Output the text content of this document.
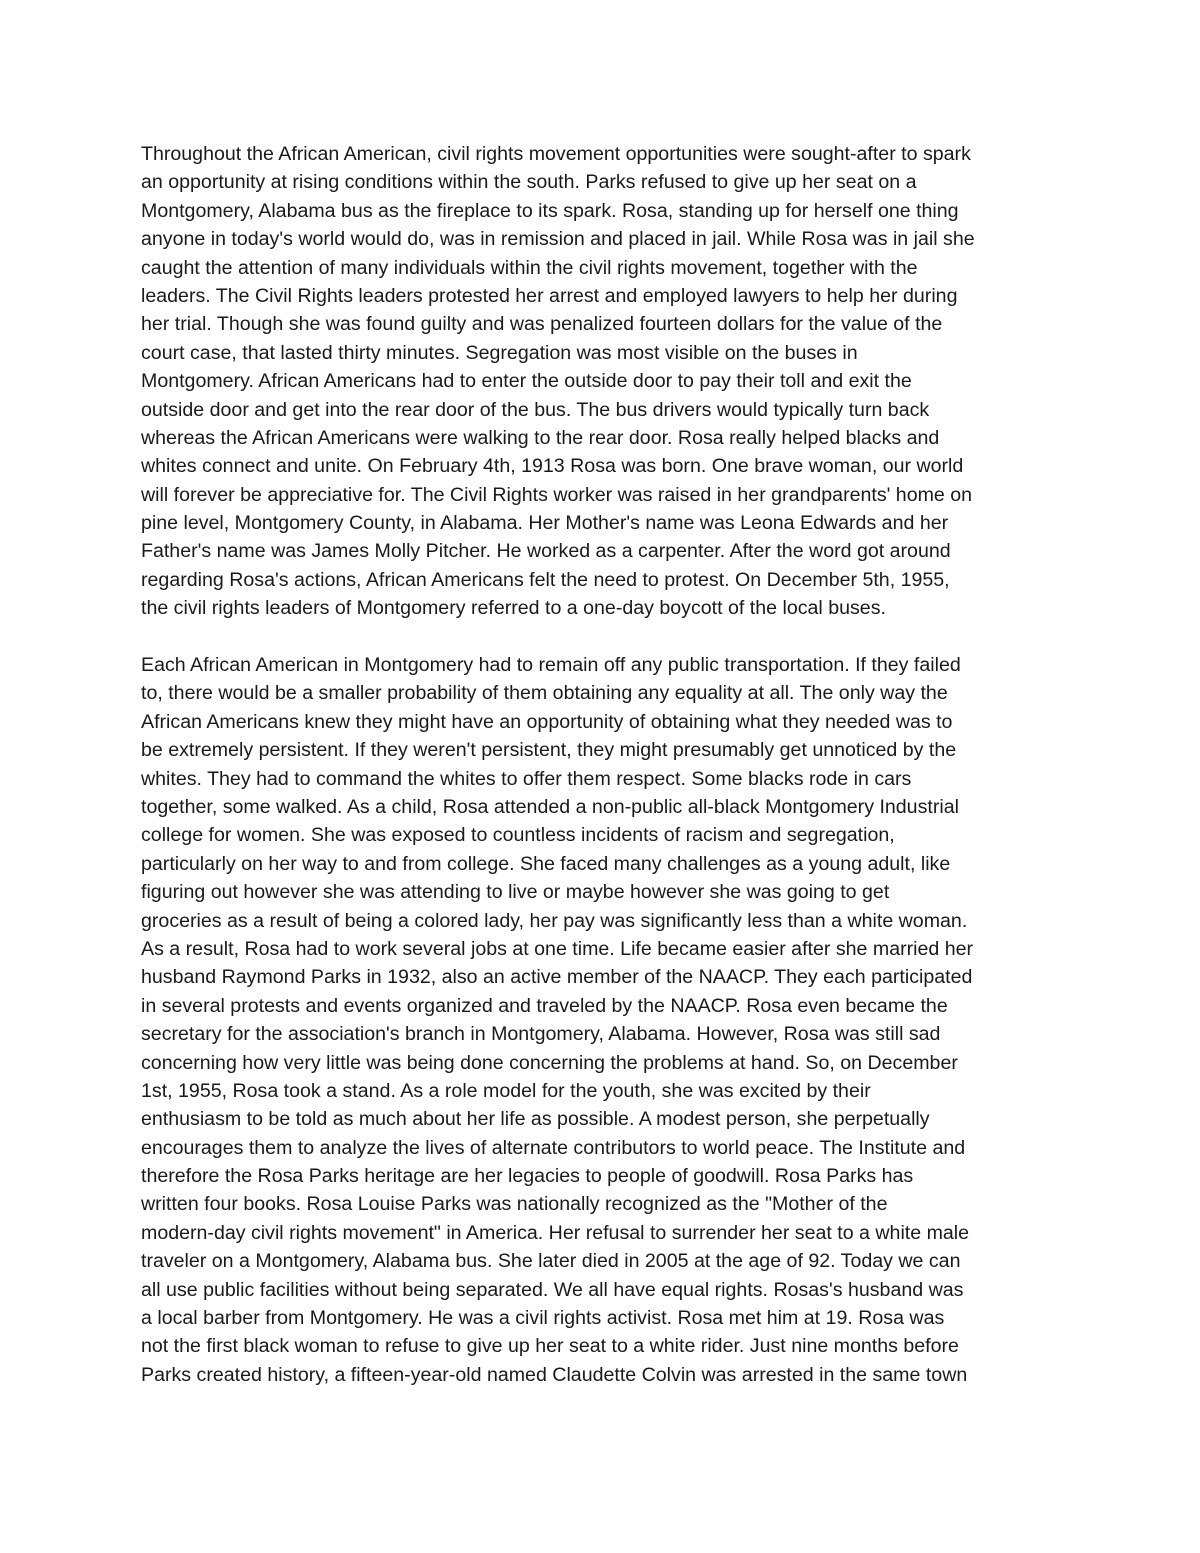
Throughout the African American, civil rights movement opportunities were sought-after to spark
an opportunity at rising conditions within the south. Parks refused to give up her seat on a
Montgomery, Alabama bus as the fireplace to its spark. Rosa, standing up for herself one thing
anyone in today's world would do, was in remission and placed in jail. While Rosa was in jail she
caught the attention of many individuals within the civil rights movement, together with the
leaders. The Civil Rights leaders protested her arrest and employed lawyers to help her during
her trial. Though she was found guilty and was penalized fourteen dollars for the value of the
court case, that lasted thirty minutes. Segregation was most visible on the buses in
Montgomery. African Americans had to enter the outside door to pay their toll and exit the
outside door and get into the rear door of the bus. The bus drivers would typically turn back
whereas the African Americans were walking to the rear door. Rosa really helped blacks and
whites connect and unite. On February 4th, 1913 Rosa was born. One brave woman, our world
will forever be appreciative for. The Civil Rights worker was raised in her grandparents' home on
pine level, Montgomery County, in Alabama. Her Mother's name was Leona Edwards and her
Father's name was James Molly Pitcher. He worked as a carpenter. After the word got around
regarding Rosa's actions, African Americans felt the need to protest. On December 5th, 1955,
the civil rights leaders of Montgomery referred to a one-day boycott of the local buses.
Each African American in Montgomery had to remain off any public transportation. If they failed
to, there would be a smaller probability of them obtaining any equality at all. The only way the
African Americans knew they might have an opportunity of obtaining what they needed was to
be extremely persistent. If they weren't persistent, they might presumably get unnoticed by the
whites. They had to command the whites to offer them respect. Some blacks rode in cars
together, some walked. As a child, Rosa attended a non-public all-black Montgomery Industrial
college for women. She was exposed to countless incidents of racism and segregation,
particularly on her way to and from college. She faced many challenges as a young adult, like
figuring out however she was attending to live or maybe however she was going to get
groceries as a result of being a colored lady, her pay was significantly less than a white woman.
As a result, Rosa had to work several jobs at one time. Life became easier after she married her
husband Raymond Parks in 1932, also an active member of the NAACP. They each participated
in several protests and events organized and traveled by the NAACP. Rosa even became the
secretary for the association's branch in Montgomery, Alabama. However, Rosa was still sad
concerning how very little was being done concerning the problems at hand. So, on December
1st, 1955, Rosa took a stand. As a role model for the youth, she was excited by their
enthusiasm to be told as much about her life as possible. A modest person, she perpetually
encourages them to analyze the lives of alternate contributors to world peace. The Institute and
therefore the Rosa Parks heritage are her legacies to people of goodwill. Rosa Parks has
written four books. Rosa Louise Parks was nationally recognized as the "Mother of the
modern-day civil rights movement" in America. Her refusal to surrender her seat to a white male
traveler on a Montgomery, Alabama bus. She later died in 2005 at the age of 92. Today we can
all use public facilities without being separated. We all have equal rights. Rosas's husband was
a local barber from Montgomery. He was a civil rights activist. Rosa met him at 19. Rosa was
not the first black woman to refuse to give up her seat to a white rider. Just nine months before
Parks created history, a fifteen-year-old named Claudette Colvin was arrested in the same town
